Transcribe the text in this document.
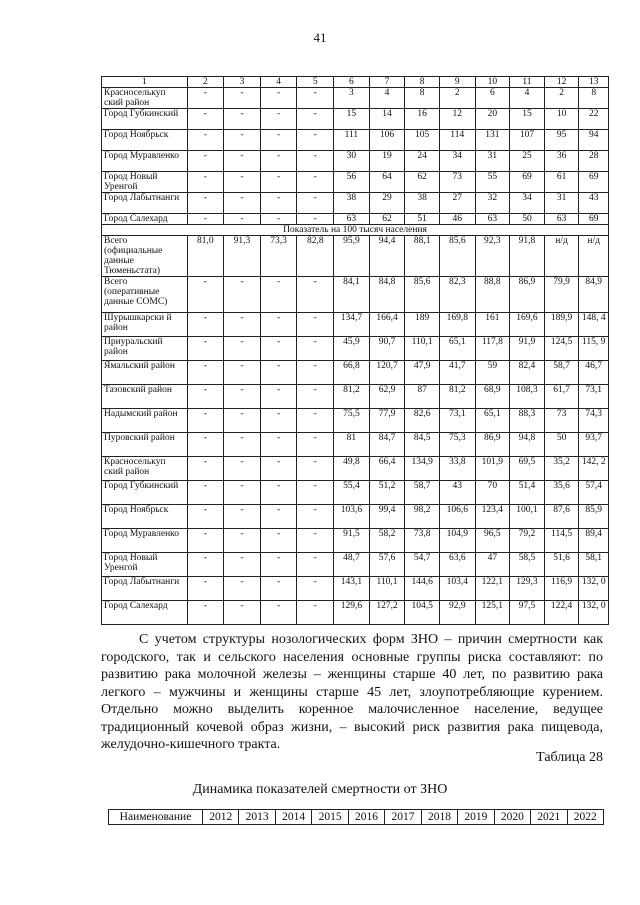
41
1	2	3	4	5	6	7	8	9	10	11	12	13
Красноселькуп ский район	-	-	-	-	3	4	8	2	6	4	2	8
Город Губкинский	-	-	-	-	15	14	16	12	20	15	10	22
Город Ноябрьск	-	-	-	-	111	106	105	114	131	107	95	94
Город Муравленко	-	-	-	-	30	19	24	34	31	25	36	28
Город Новый Уренгой	-	-	-	-	56	64	62	73	55	69	61	69
Город Лабытнанги	-	-	-	-	38	29	38	27	32	34	31	43
Город Салехард	-	-	-	-	63	62	51	46	63	50	63	69
Показатель на 100 тысяч населения												
Всего (официальные данные Тюменьстата)	81,0	91,3	73,3	82,8	95,9	94,4	88,1	85,6	92,3	91,8	н/д	н/д
Всего (оперативные данные СОМС)	-	-	-	-	84,1	84,8	85,6	82,3	88,8	86,9	79,9	84,9
Шурышкарски й район	-	-	-	-	134,7	166,4	189	169,8	161	169,6	189,9	148, 4
Приуральский район	-	-	-	-	45,9	90,7	110,1	65,1	117,8	91,9	124,5	115, 9
Ямальский район	-	-	-	-	66,8	120,7	47,9	41,7	59	82,4	58,7	46,7
Тазовский район	-	-	-	-	81,2	62,9	87	81,2	68,9	108,3	61,7	73,1
Надымский район	-	-	-	-	75,5	77,9	82,6	73,1	65,1	88,3	73	74,3
Пуровский район	-	-	-	-	81	84,7	84,5	75,3	86,9	94,8	50	93,7
Красноселькуп ский район	-	-	-	-	49,8	66,4	134,9	33,8	101,9	69,5	35,2	142, 2
Город Губкинский	-	-	-	-	55,4	51,2	58,7	43	70	51,4	35,6	57,4
Город Ноябрьск	-	-	-	-	103,6	99,4	98,2	106,6	123,4	100,1	87,6	85,9
Город Муравленко	-	-	-	-	91,5	58,2	73,8	104,9	96,5	79,2	114,5	89,4
Город Новый Уренгой	-	-	-	-	48,7	57,6	54,7	63,6	47	58,5	51,6	58,1
Город Лабытнанги	-	-	-	-	143,1	110,1	144,6	103,4	122,1	129,3	116,9	132, 0
Город Салехард	-	-	-	-	129,6	127,2	104,5	92,9	125,1	97,5	122,4	132, 0

С учетом структуры нозологических форм ЗНО – причин смертности как городского, так и сельского населения основные группы риска составляют: по развитию рака молочной железы – женщины старше 40 лет, по развитию рака легкого – мужчины и женщины старше 45 лет, злоупотребляющие курением. Отдельно можно выделить коренное малочисленное население, ведущее традиционный кочевой образ жизни, – высокий риск развития рака пищевода, желудочно-кишечного тракта.

Таблица 28
Динамика показателей смертности от ЗНО
Наименование	2012	2013	2014	2015	2016	2017	2018	2019	2020	2021	2022
